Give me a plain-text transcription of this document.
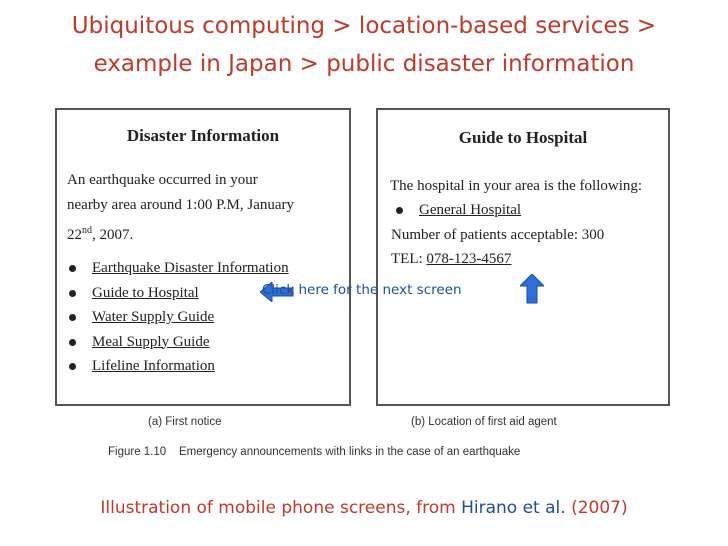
Ubiquitous computing > location-based services >
example in Japan > public disaster information
Disaster Information
An earthquake occurred in your
nearby area around 1:00 P.M, January
22nd, 2007.
Earthquake Disaster Information
Guide to Hospital
Water Supply Guide
Meal Supply Guide
Lifeline Information
Guide to Hospital
The hospital in your area is the following:
General Hospital
Number of patients acceptable: 300
TEL: 078-123-4567
(a) First notice	(b) Location of first aid agent
Figure 1.10    Emergency announcements with links in the case of an earthquake
Click here for the next screen
Illustration of mobile phone screens, from Hirano et al. (2007)
